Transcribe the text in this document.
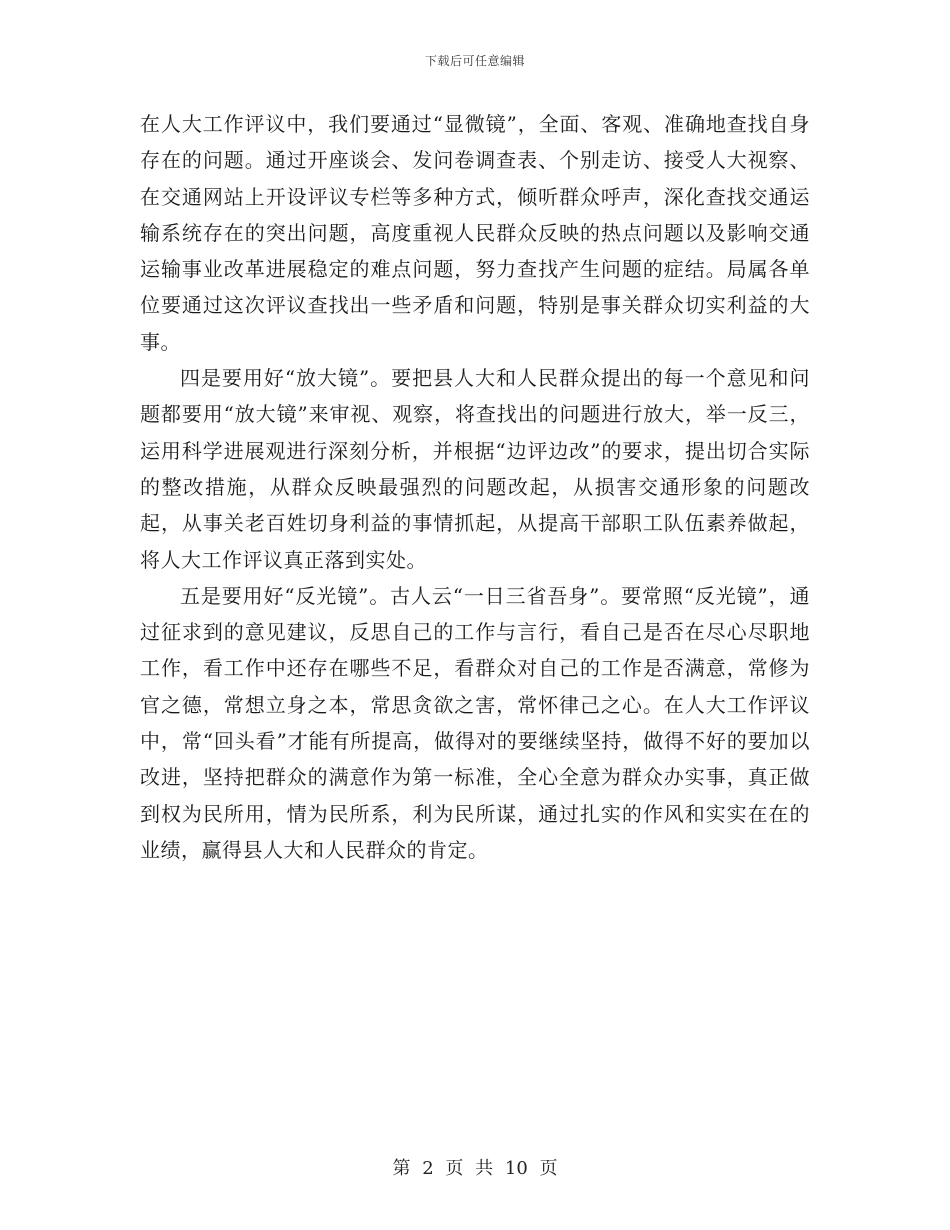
下载后可任意编辑

在人大工作评议中，我们要通过“显微镜”，全面、客观、准确地查找自身存在的问题。通过开座谈会、发问卷调查表、个别走访、接受人大视察、在交通网站上开设评议专栏等多种方式，倾听群众呼声，深化查找交通运输系统存在的突出问题，高度重视人民群众反映的热点问题以及影响交通运输事业改革进展稳定的难点问题，努力查找产生问题的症结。局属各单位要通过这次评议查找出一些矛盾和问题，特别是事关群众切实利益的大事。

四是要用好“放大镜”。要把县人大和人民群众提出的每一个意见和问题都要用“放大镜”来审视、观察，将查找出的问题进行放大，举一反三，运用科学进展观进行深刻分析，并根据“边评边改”的要求，提出切合实际的整改措施，从群众反映最强烈的问题改起，从损害交通形象的问题改起，从事关老百姓切身利益的事情抓起，从提高干部职工队伍素养做起，将人大工作评议真正落到实处。

五是要用好“反光镜”。古人云“一日三省吾身”。要常照“反光镜”，通过征求到的意见建议，反思自己的工作与言行，看自己是否在尽心尽职地工作，看工作中还存在哪些不足，看群众对自己的工作是否满意，常修为官之德，常想立身之本，常思贪欲之害，常怀律己之心。在人大工作评议中，常“回头看”才能有所提高，做得对的要继续坚持，做得不好的要加以改进，坚持把群众的满意作为第一标准，全心全意为群众办实事，真正做到权为民所用，情为民所系，利为民所谋，通过扎实的作风和实实在在的业绩，赢得县人大和人民群众的肯定。

第 2 页 共 10 页
